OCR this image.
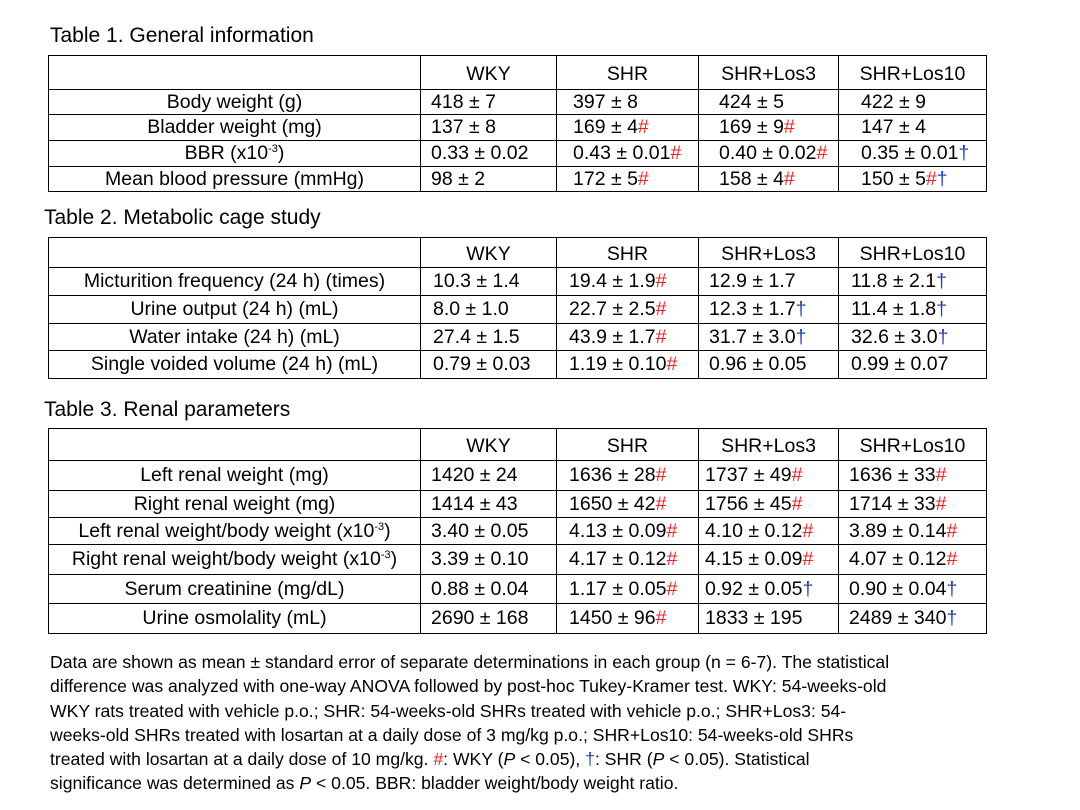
Table 1. General information
	WKY	SHR	SHR+Los3	SHR+Los10
Body weight (g)	418 ± 7	397 ± 8	424 ± 5	422 ± 9
Bladder weight (mg)	137 ± 8	169 ± 4#	169 ± 9#	147 ± 4
BBR $(x10^{-3})$	0.33 ± 0.02	0.43 ± 0.01#	0.40 ± 0.02#	0.35 ± 0.01†
Mean blood pressure (mmHg)	98 ± 2	172 ± 5#	158 ± 4#	150 ± 5#†
Table 2. Metabolic cage study
	WKY	SHR	SHR+Los3	SHR+Los10
Micturition frequency (24 h) (times)	10.3 ± 1.4	19.4 ± 1.9#	12.9 ± 1.7	11.8 ± 2.1†
Urine output (24 h) (mL)	8.0 ± 1.0	22.7 ± 2.5#	12.3 ± 1.7†	11.4 ± 1.8†
Water intake (24 h) (mL)	27.4 ± 1.5	43.9 ± 1.7#	31.7 ± 3.0†	32.6 ± 3.0†
Single voided volume (24 h) (mL)	0.79 ± 0.03	1.19 ± 0.10#	0.96 ± 0.05	0.99 ± 0.07
Table 3. Renal parameters
	WKY	SHR	SHR+Los3	SHR+Los10
Left renal weight (mg)	1420 ± 24	1636 ± 28#	1737 ± 49#	1636 ± 33#
Right renal weight (mg)	1414 ± 43	1650 ± 42#	1756 ± 45#	1714 ± 33#
Left renal weight/body weight $(x10^{-3})$	3.40 ± 0.05	4.13 ± 0.09#	4.10 ± 0.12#	3.89 ± 0.14#
Right renal weight/body weight $(x10^{-3})$	3.39 ± 0.10	4.17 ± 0.12#	4.15 ± 0.09#	4.07 ± 0.12#
Serum creatinine (mg/dL)	0.88 ± 0.04	1.17 ± 0.05#	0.92 ± 0.05†	0.90 ± 0.04†
Urine osmolality (mL)	2690 ± 168	1450 ± 96#	1833 ± 195	2489 ± 340†
Data are shown as mean ± standard error of separate determinations in each group (n = 6-7). The statistical
difference was analyzed with one-way ANOVA followed by post-hoc Tukey-Kramer test. WKY: 54-weeks-old
WKY rats treated with vehicle p.o.; SHR: 54-weeks-old SHRs treated with vehicle p.o.; SHR+Los3: 54-
weeks-old SHRs treated with losartan at a daily dose of 3 mg/kg p.o.; SHR+Los10: 54-weeks-old SHRs
treated with losartan at a daily dose of 10 mg/kg. #: WKY (P < 0.05), †: SHR (P < 0.05). Statistical
significance was determined as P < 0.05. BBR: bladder weight/body weight ratio.
